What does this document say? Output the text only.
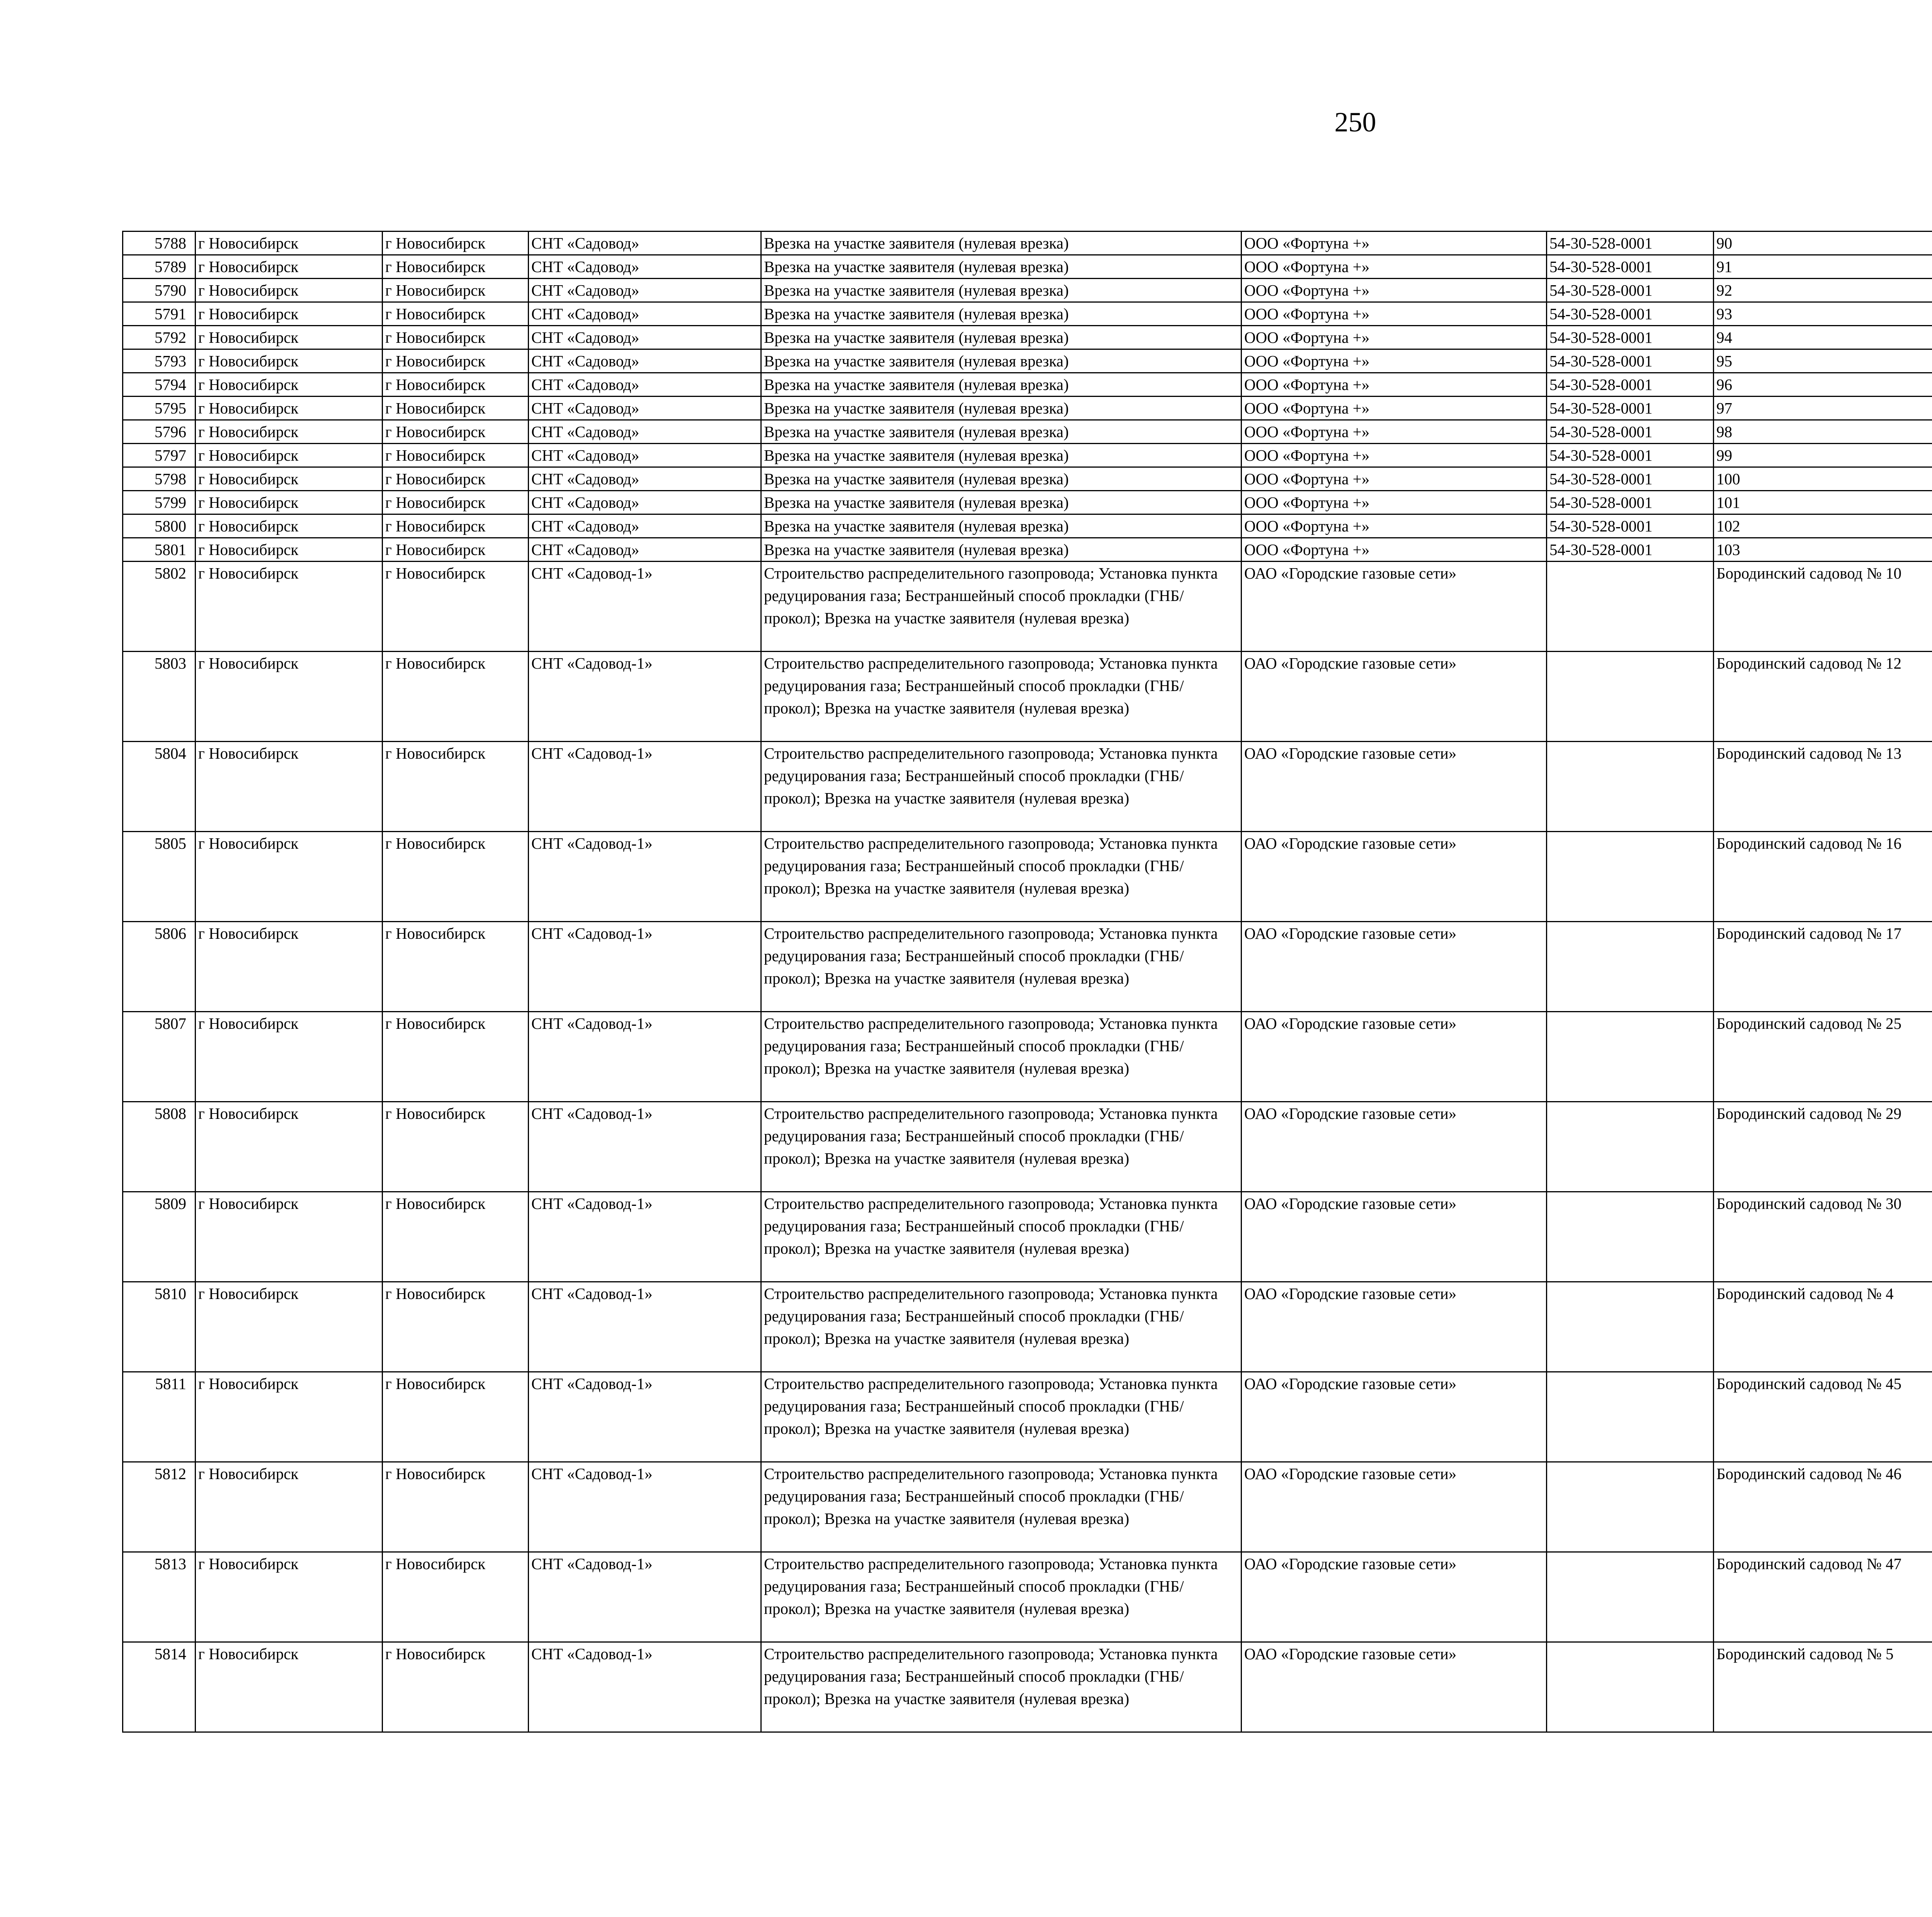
250
5788	г Новосибирск	г Новосибирск	СНТ «Садовод»	Врезка на участке заявителя (нулевая врезка)	ООО «Фортуна +»	54-30-528-0001	90					
5789	г Новосибирск	г Новосибирск	СНТ «Садовод»	Врезка на участке заявителя (нулевая врезка)	ООО «Фортуна +»	54-30-528-0001	91					
5790	г Новосибирск	г Новосибирск	СНТ «Садовод»	Врезка на участке заявителя (нулевая врезка)	ООО «Фортуна +»	54-30-528-0001	92					
5791	г Новосибирск	г Новосибирск	СНТ «Садовод»	Врезка на участке заявителя (нулевая врезка)	ООО «Фортуна +»	54-30-528-0001	93					
5792	г Новосибирск	г Новосибирск	СНТ «Садовод»	Врезка на участке заявителя (нулевая врезка)	ООО «Фортуна +»	54-30-528-0001	94					
5793	г Новосибирск	г Новосибирск	СНТ «Садовод»	Врезка на участке заявителя (нулевая врезка)	ООО «Фортуна +»	54-30-528-0001	95					
5794	г Новосибирск	г Новосибирск	СНТ «Садовод»	Врезка на участке заявителя (нулевая врезка)	ООО «Фортуна +»	54-30-528-0001	96					
5795	г Новосибирск	г Новосибирск	СНТ «Садовод»	Врезка на участке заявителя (нулевая врезка)	ООО «Фортуна +»	54-30-528-0001	97					
5796	г Новосибирск	г Новосибирск	СНТ «Садовод»	Врезка на участке заявителя (нулевая врезка)	ООО «Фортуна +»	54-30-528-0001	98					
5797	г Новосибирск	г Новосибирск	СНТ «Садовод»	Врезка на участке заявителя (нулевая врезка)	ООО «Фортуна +»	54-30-528-0001	99					
5798	г Новосибирск	г Новосибирск	СНТ «Садовод»	Врезка на участке заявителя (нулевая врезка)	ООО «Фортуна +»	54-30-528-0001	100					
5799	г Новосибирск	г Новосибирск	СНТ «Садовод»	Врезка на участке заявителя (нулевая врезка)	ООО «Фортуна +»	54-30-528-0001	101					
5800	г Новосибирск	г Новосибирск	СНТ «Садовод»	Врезка на участке заявителя (нулевая врезка)	ООО «Фортуна +»	54-30-528-0001	102					
5801	г Новосибирск	г Новосибирск	СНТ «Садовод»	Врезка на участке заявителя (нулевая врезка)	ООО «Фортуна +»	54-30-528-0001	103					
5802	г Новосибирск	г Новосибирск	СНТ «Садовод-1»	Строительство распределительного газопровода; Установка пункта редуцирования газа; Бестраншейный способ прокладки (ГНБ/прокол); Врезка на участке заявителя (нулевая врезка)	ОАО «Городские газовые сети»		Бородинский садовод № 10					
5803	г Новосибирск	г Новосибирск	СНТ «Садовод-1»	Строительство распределительного газопровода; Установка пункта редуцирования газа; Бестраншейный способ прокладки (ГНБ/прокол); Врезка на участке заявителя (нулевая врезка)	ОАО «Городские газовые сети»		Бородинский садовод № 12					
5804	г Новосибирск	г Новосибирск	СНТ «Садовод-1»	Строительство распределительного газопровода; Установка пункта редуцирования газа; Бестраншейный способ прокладки (ГНБ/прокол); Врезка на участке заявителя (нулевая врезка)	ОАО «Городские газовые сети»		Бородинский садовод № 13					
5805	г Новосибирск	г Новосибирск	СНТ «Садовод-1»	Строительство распределительного газопровода; Установка пункта редуцирования газа; Бестраншейный способ прокладки (ГНБ/прокол); Врезка на участке заявителя (нулевая врезка)	ОАО «Городские газовые сети»		Бородинский садовод № 16					
5806	г Новосибирск	г Новосибирск	СНТ «Садовод-1»	Строительство распределительного газопровода; Установка пункта редуцирования газа; Бестраншейный способ прокладки (ГНБ/прокол); Врезка на участке заявителя (нулевая врезка)	ОАО «Городские газовые сети»		Бородинский садовод № 17					
5807	г Новосибирск	г Новосибирск	СНТ «Садовод-1»	Строительство распределительного газопровода; Установка пункта редуцирования газа; Бестраншейный способ прокладки (ГНБ/прокол); Врезка на участке заявителя (нулевая врезка)	ОАО «Городские газовые сети»		Бородинский садовод № 25					
5808	г Новосибирск	г Новосибирск	СНТ «Садовод-1»	Строительство распределительного газопровода; Установка пункта редуцирования газа; Бестраншейный способ прокладки (ГНБ/прокол); Врезка на участке заявителя (нулевая врезка)	ОАО «Городские газовые сети»		Бородинский садовод № 29					
5809	г Новосибирск	г Новосибирск	СНТ «Садовод-1»	Строительство распределительного газопровода; Установка пункта редуцирования газа; Бестраншейный способ прокладки (ГНБ/прокол); Врезка на участке заявителя (нулевая врезка)	ОАО «Городские газовые сети»		Бородинский садовод № 30					
5810	г Новосибирск	г Новосибирск	СНТ «Садовод-1»	Строительство распределительного газопровода; Установка пункта редуцирования газа; Бестраншейный способ прокладки (ГНБ/прокол); Врезка на участке заявителя (нулевая врезка)	ОАО «Городские газовые сети»		Бородинский садовод № 4					
5811	г Новосибирск	г Новосибирск	СНТ «Садовод-1»	Строительство распределительного газопровода; Установка пункта редуцирования газа; Бестраншейный способ прокладки (ГНБ/прокол); Врезка на участке заявителя (нулевая врезка)	ОАО «Городские газовые сети»		Бородинский садовод № 45					
5812	г Новосибирск	г Новосибирск	СНТ «Садовод-1»	Строительство распределительного газопровода; Установка пункта редуцирования газа; Бестраншейный способ прокладки (ГНБ/прокол); Врезка на участке заявителя (нулевая врезка)	ОАО «Городские газовые сети»		Бородинский садовод № 46					
5813	г Новосибирск	г Новосибирск	СНТ «Садовод-1»	Строительство распределительного газопровода; Установка пункта редуцирования газа; Бестраншейный способ прокладки (ГНБ/прокол); Врезка на участке заявителя (нулевая врезка)	ОАО «Городские газовые сети»		Бородинский садовод № 47					
5814	г Новосибирск	г Новосибирск	СНТ «Садовод-1»	Строительство распределительного газопровода; Установка пункта редуцирования газа; Бестраншейный способ прокладки (ГНБ/прокол); Врезка на участке заявителя (нулевая врезка)	ОАО «Городские газовые сети»		Бородинский садовод № 5					
